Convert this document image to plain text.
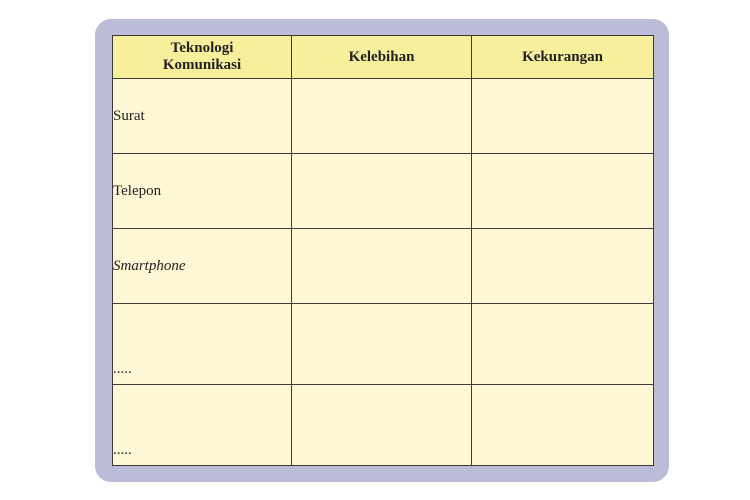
Teknologi
Komunikasi	Kelebihan	Kekurangan
Surat		
Telepon		
Smartphone		
.....		
.....		
